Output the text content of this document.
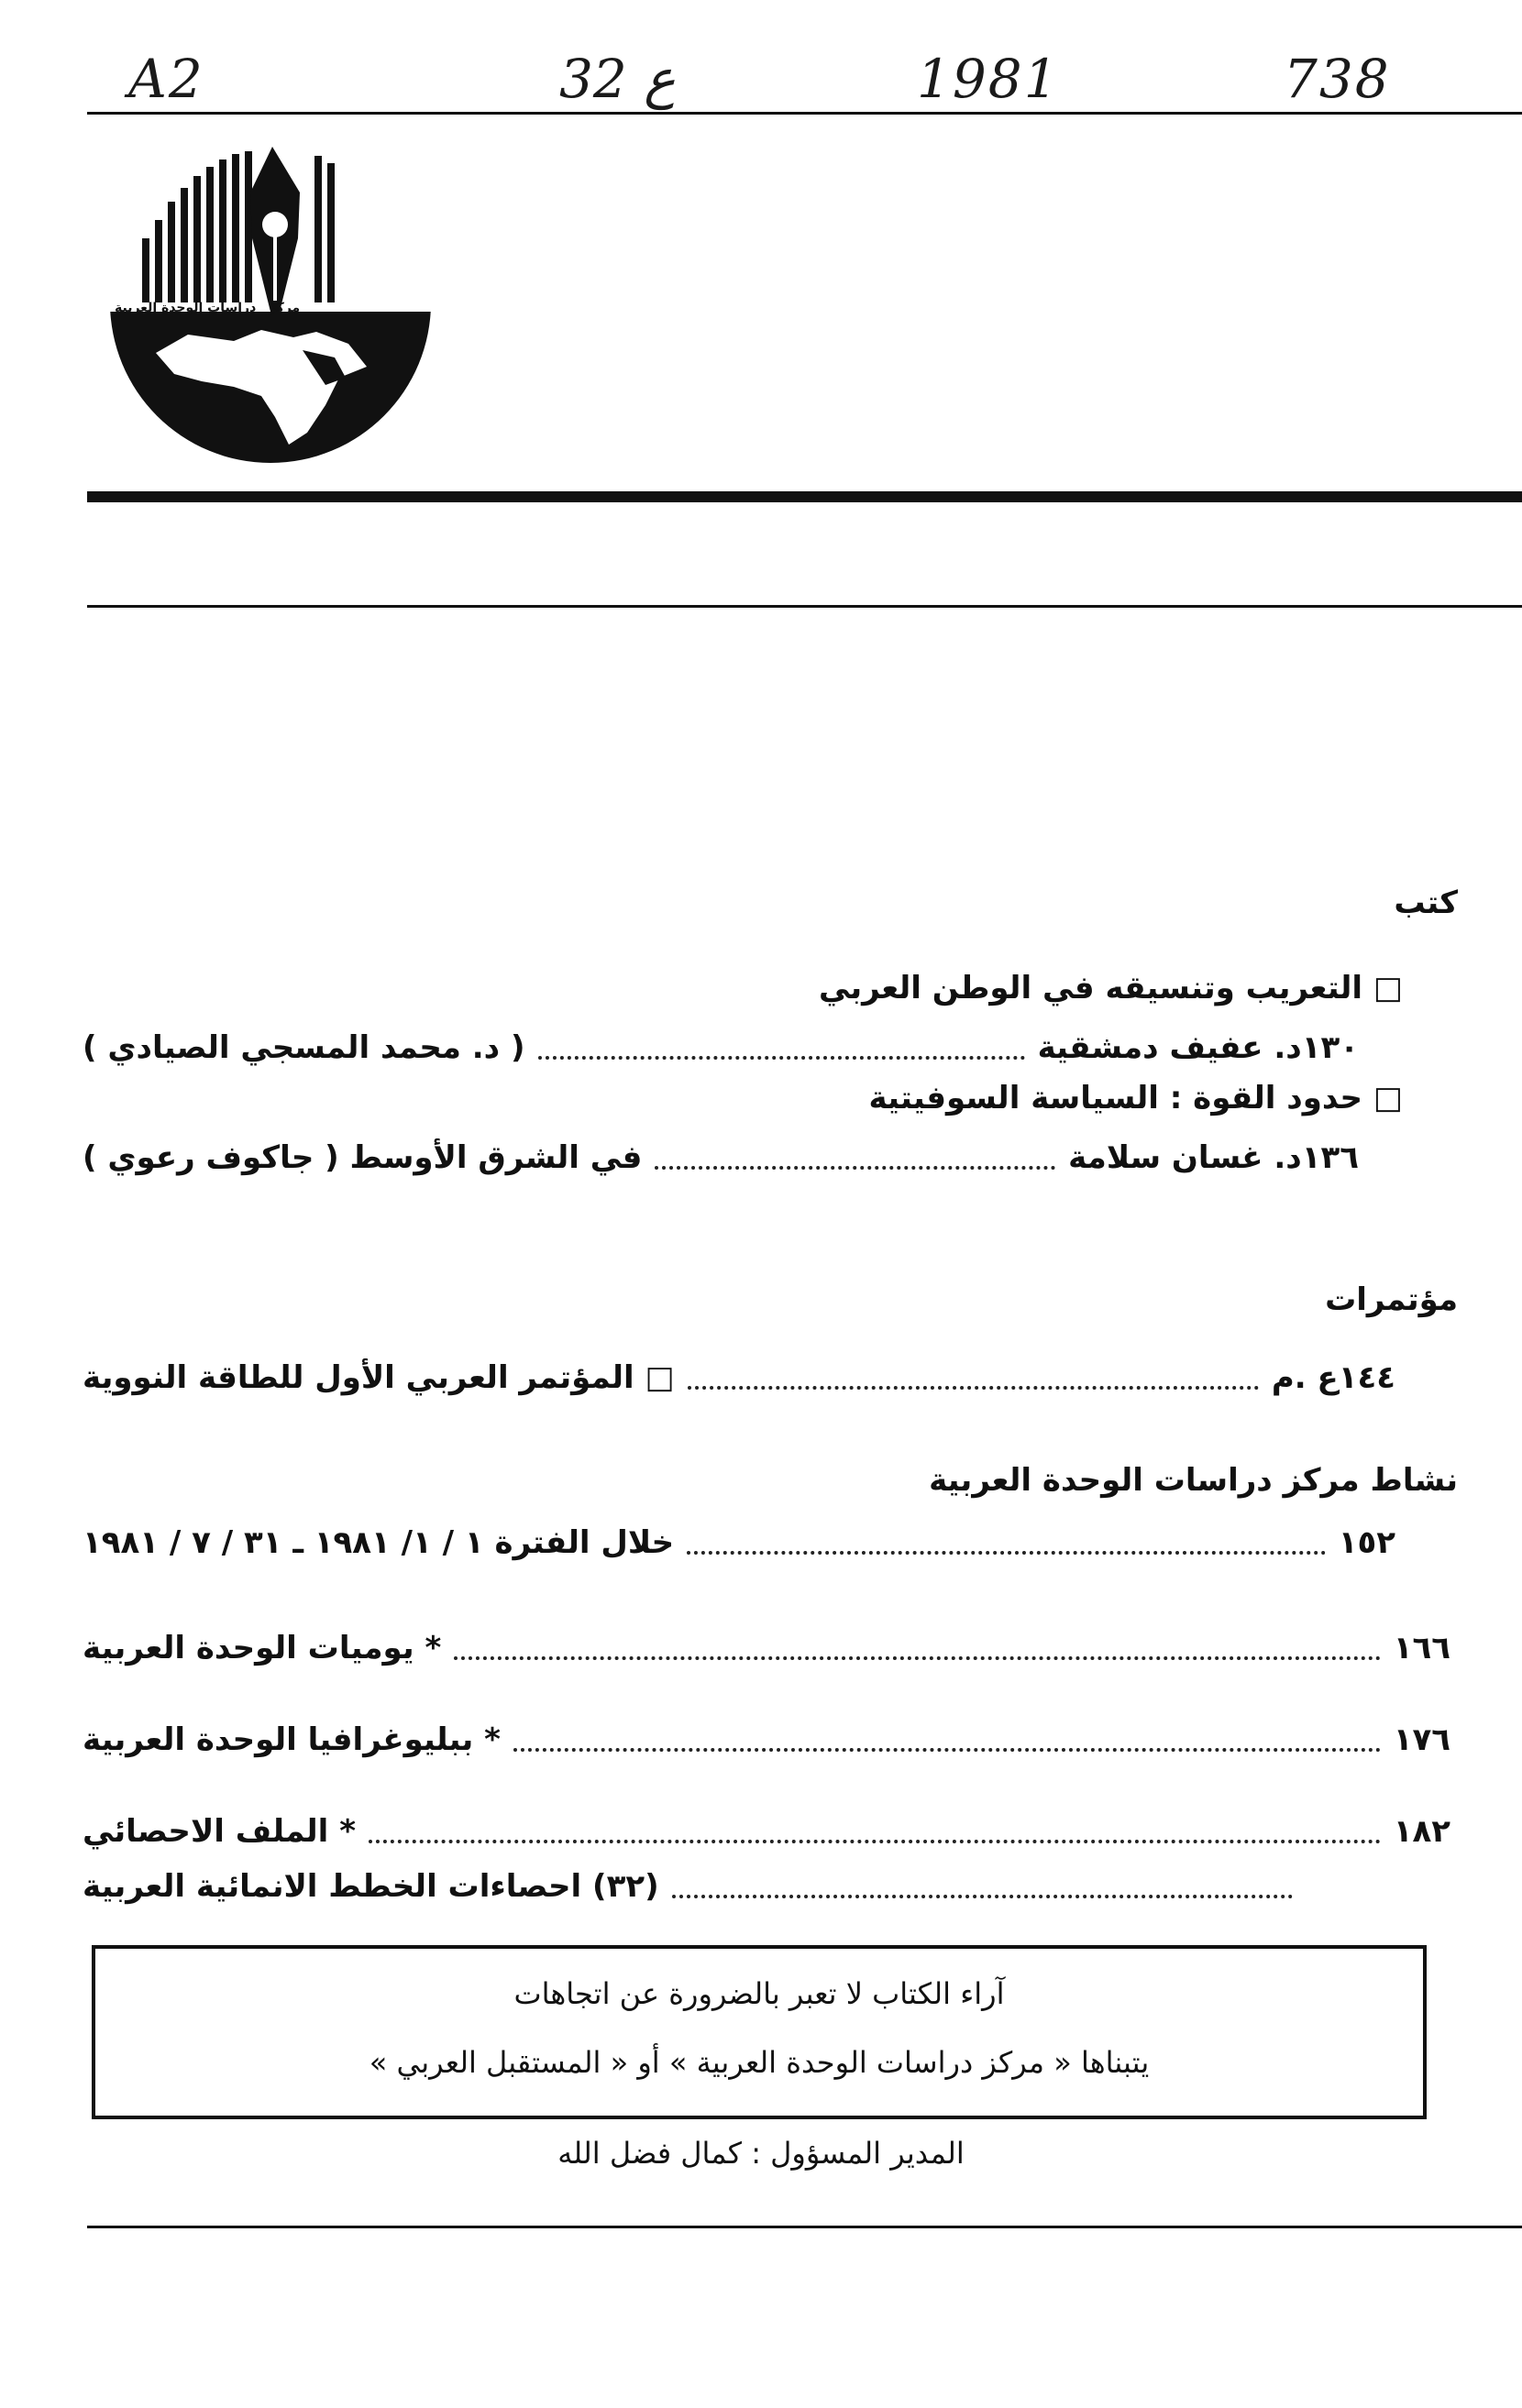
A2	32 ع	1981	738
مركز
دراسات الوحدة العربية
كتب
□ التعريب وتنسيقه في الوطن العربي
( د. محمد المسجي الصيادي )	د. عفيف دمشقية ١٣٠
□ حدود القوة : السياسة السوفيتية
في الشرق الأوسط ( جاكوف رعوي )	د. غسان سلامة ١٣٦
مؤتمرات
□ المؤتمر العربي الأول للطاقة النووية	ع .م ١٤٤
نشاط مركز دراسات الوحدة العربية
خلال الفترة ١ / ١/ ١٩٨١ ـ ٣١ / ٧ / ١٩٨١	١٥٢
* يوميات الوحدة العربية	١٦٦
* ببليوغرافيا الوحدة العربية	١٧٦
* الملف الاحصائي	١٨٢
(٣٢) احصاءات الخطط الانمائية العربية

آراء الكتاب لا تعبر بالضرورة عن اتجاهات

يتبناها « مركز دراسات الوحدة العربية » أو « المستقبل العربي »

المدير المسؤول : كمال فضل الله
